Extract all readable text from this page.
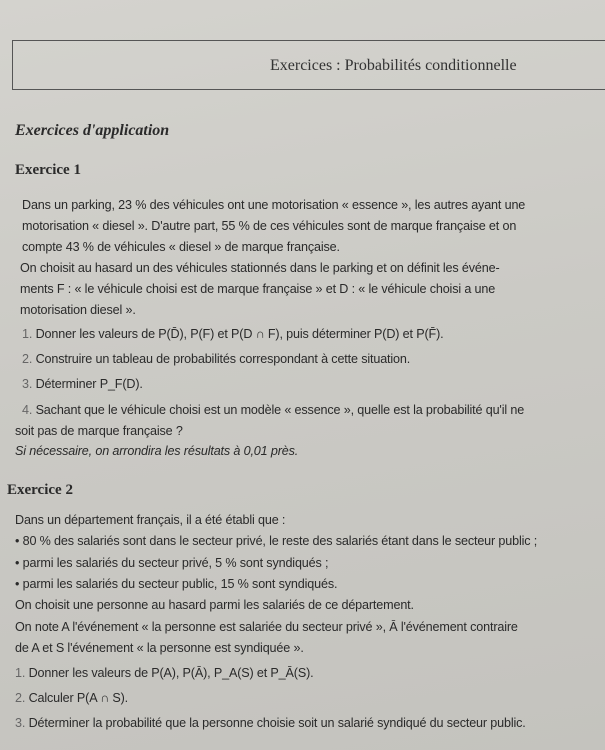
Exercices : Probabilités conditionnelle
Exercices d'application
Exercice 1
Dans un parking, 23 % des véhicules ont une motorisation « essence », les autres ayant une
motorisation « diesel ». D'autre part, 55 % de ces véhicules sont de marque française et on
compte 43 % de véhicules « diesel » de marque française.
On choisit au hasard un des véhicules stationnés dans le parking et on définit les événe-
ments F : « le véhicule choisi est de marque française » et D : « le véhicule choisi a une
motorisation diesel ».
1. Donner les valeurs de P(D̄), P(F) et P(D ∩ F), puis déterminer P(D) et P(F̄).
2. Construire un tableau de probabilités correspondant à cette situation.
3. Déterminer P_F(D).
4. Sachant que le véhicule choisi est un modèle « essence », quelle est la probabilité qu'il ne
soit pas de marque française ?
Si nécessaire, on arrondira les résultats à 0,01 près.
Exercice 2
Dans un département français, il a été établi que :
• 80 % des salariés sont dans le secteur privé, le reste des salariés étant dans le secteur public ;
• parmi les salariés du secteur privé, 5 % sont syndiqués ;
• parmi les salariés du secteur public, 15 % sont syndiqués.
On choisit une personne au hasard parmi les salariés de ce département.
On note A l'événement « la personne est salariée du secteur privé », Ā l'événement contraire
de A et S l'événement « la personne est syndiquée ».
1. Donner les valeurs de P(A), P(Ā), P_A(S) et P_Ā(S).
2. Calculer P(A ∩ S).
3. Déterminer la probabilité que la personne choisie soit un salarié syndiqué du secteur public.
